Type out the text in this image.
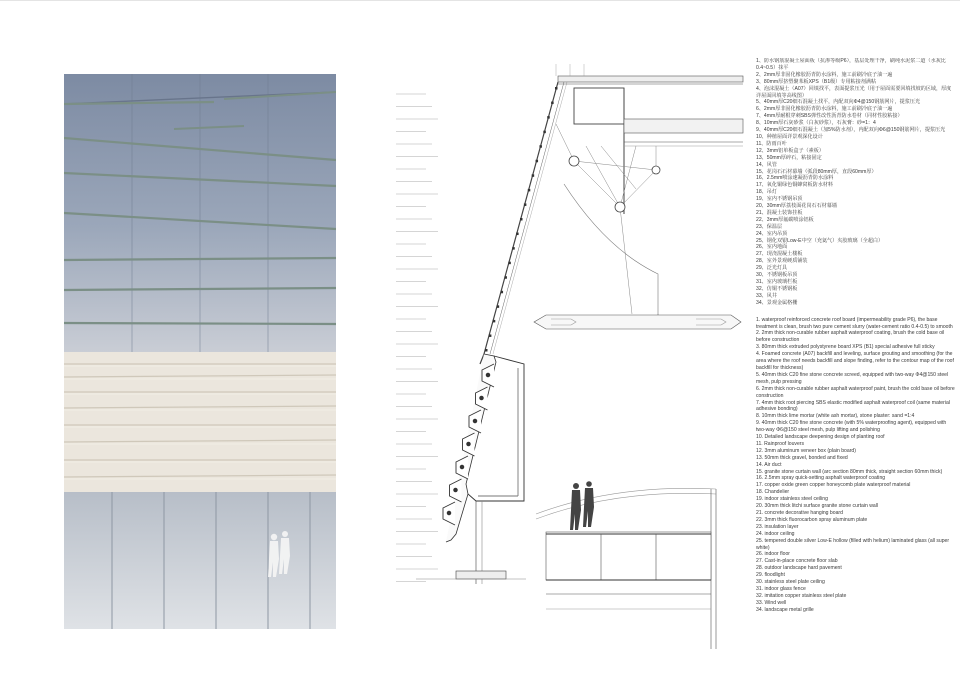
1、防水钢筋混凝土屋面板（抗渗等级P6），基层处理干净，刷纯水泥浆二道（水灰比0.4~0.5）抹平
2、2mm厚非固化橡胶沥青防水涂料，施工前刷冷底子油一遍
3、80mm厚挤塑聚苯板XPS（B1级）专用粘接剂满粘
4、泡沫混凝土（A07）回填找平，表面提浆压光（用于屋面需要回填找坡的区域，厚度详屋面回填等高线图）
5、40mm厚C20细石混凝土找平，内配双向Φ4@150钢筋网片，提浆压光
6、2mm厚非固化橡胶沥青防水涂料，施工前刷冷底子油一遍
7、4mm厚耐根穿刺SBS弹性改性沥青防水卷材（同材性胶粘接）
8、10mm厚石灰砂浆（白灰砂浆），石灰膏：砂=1：4
9、40mm厚C20细石混凝土（加5%防水剂），内配双向Φ6@150钢筋网片，提浆压光
10、种植屋面详景观深化设计
11、防雨百叶
12、3mm铝单板盒子（素板）
13、50mm厚碎石，粘接固定
14、风管
15、花岗石石材幕墙（弧段80mm厚，直段60mm厚）
16、2.5mm喷涂速凝沥青防水涂料
17、氧化铜绿色铜蜂窝板防水材料
18、吊灯
19、室内不锈钢吊顶
20、30mm厚荔枝面花岗石石材幕墙
21、混凝土装饰挂板
22、3mm厚氟碳喷涂铝板
23、保温层
24、室内吊顶
25、钢化双银Low-E中空（充氦气）夹胶玻璃（全超白）
26、室内地面
27、现浇混凝土楼板
28、室外景观硬质铺装
29、泛光灯具
30、不锈钢板吊顶
31、室内玻璃栏板
32、仿铜不锈钢板
33、风井
34、景观金属格栅
1. waterproof reinforced concrete roof board (impermeability grade P6), the base treatment is clean, brush two pure cement slurry (water-cement ratio 0.4-0.5) to smooth
2. 2mm thick non-curable rubber asphalt waterproof coating, brush the cold base oil before construction
3. 80mm thick extruded polystyrene board XPS (B1) special adhesive full sticky
4. Foamed concrete (A07) backfill and leveling, surface grouting and smoothing (for the area where the roof needs backfill and slope finding, refer to the contour map of the roof backfill for thickness)
5. 40mm thick C20 fine stone concrete screed, equipped with two-way Φ4@150 steel mesh, pulp pressing
6. 2mm thick non-curable rubber asphalt waterproof paint, brush the cold base oil before construction
7. 4mm thick root piercing SBS elastic modified asphalt waterproof coil (same material adhesive bonding)
8. 10mm thick lime mortar (white ash mortar), stone plaster: sand =1:4
9. 40mm thick C20 fine stone concrete (with 5% waterproofing agent), equipped with two-way Φ6@150 steel mesh, pulp lifting and polishing
10. Detailed landscape deepening design of planting roof
11. Rainproof louvers
12. 3mm aluminum veneer box (plain board)
13. 50mm thick gravel, bonded and fixed
14. Air duct
15. granite stone curtain wall (arc section 80mm thick, straight section 60mm thick)
16. 2.5mm spray quick-setting asphalt waterproof coating
17. copper oxide green copper honeycomb plate waterproof material
18. Chandelier
19. indoor stainless steel ceiling
20. 30mm thick litchi surface granite stone curtain wall
21. concrete decorative hanging board
22. 3mm thick fluorocarbon spray aluminum plate
23. insulation layer
24. indoor ceiling
25. tempered double silver Low-E hollow (filled with helium) laminated glass (all super white)
26. indoor floor
27. Cast-in-place concrete floor slab
28. outdoor landscape hard pavement
29. floodlight
30. stainless steel plate ceiling
31. indoor glass fence
32. imitation copper stainless steel plate
33. Wind well
34. landscape metal grille
